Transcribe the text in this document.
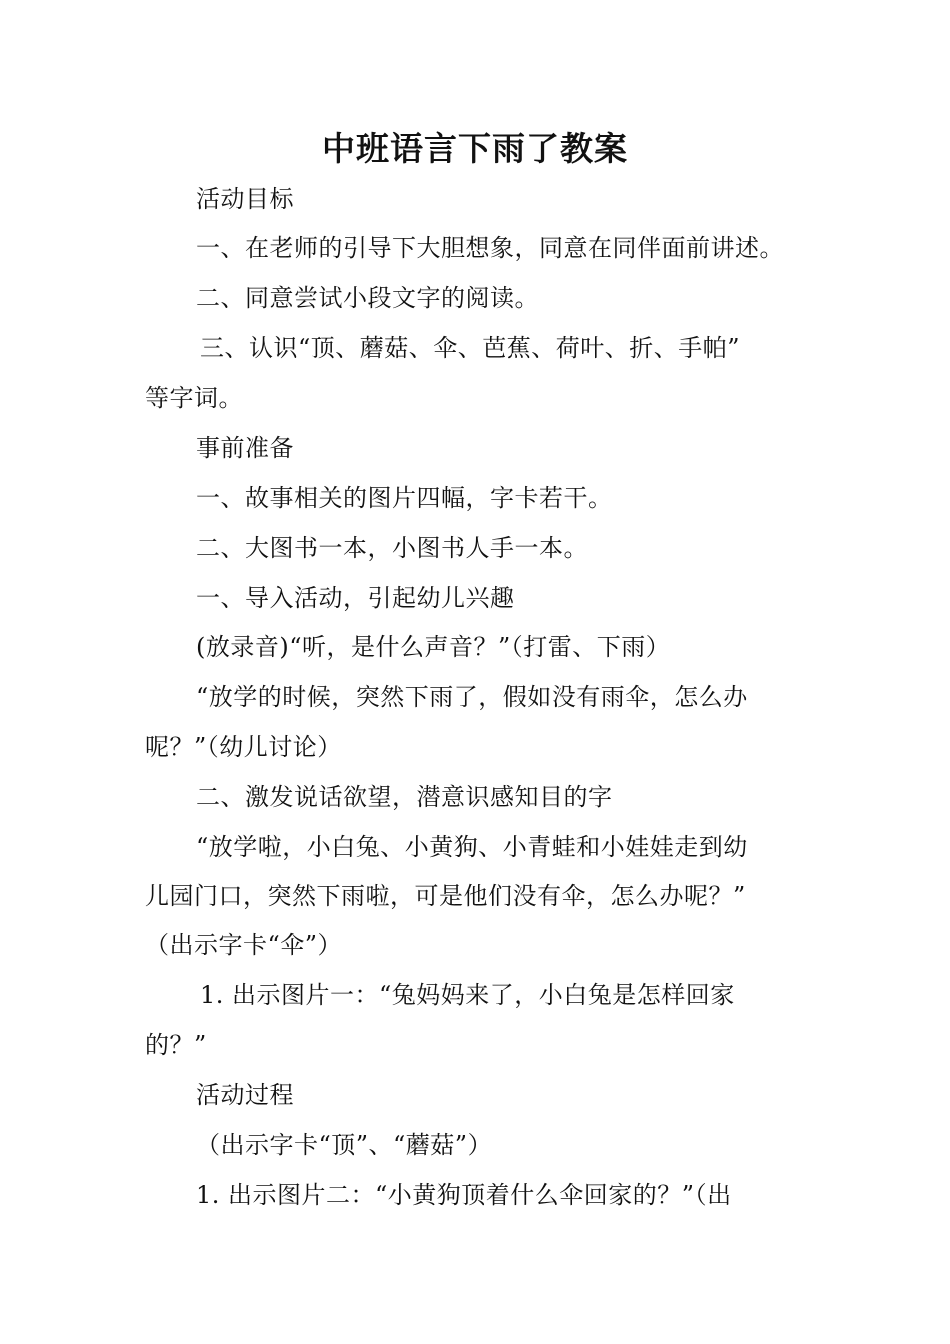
中班语言下雨了教案
活动目标
一、在老师的引导下大胆想象，同意在同伴面前讲述。
二、同意尝试小段文字的阅读。
三、认识“顶、蘑菇、伞、芭蕉、荷叶、折、手帕”
等字词。
事前准备
一、故事相关的图片四幅，字卡若干。
二、大图书一本，小图书人手一本。
一、导入活动，引起幼儿兴趣
(放录音)“听，是什么声音？”（打雷、下雨）
“放学的时候，突然下雨了，假如没有雨伞，怎么办
呢？”（幼儿讨论）
二、激发说话欲望，潜意识感知目的字
“放学啦，小白兔、小黄狗、小青蛙和小娃娃走到幼
儿园门口，突然下雨啦，可是他们没有伞，怎么办呢？”
（出示字卡“伞”）
1. 出示图片一：“兔妈妈来了，小白兔是怎样回家
的？”
活动过程
（出示字卡“顶”、“蘑菇”）
1. 出示图片二：“小黄狗顶着什么伞回家的？”（出
